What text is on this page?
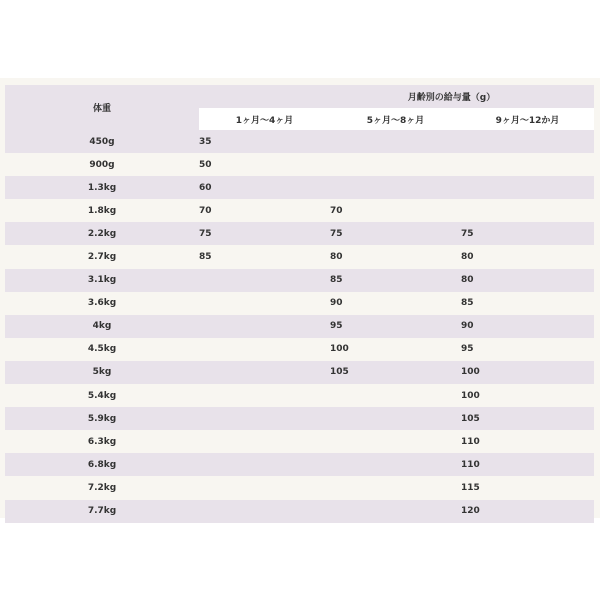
体重	月齢別の給与量（g）		
	1ヶ月〜4ヶ月	5ヶ月〜8ヶ月	9ヶ月〜12か月
450g	35		
900g	50		
1.3kg	60		
1.8kg	70	70	
2.2kg	75	75	75
2.7kg	85	80	80
3.1kg		85	80
3.6kg		90	85
4kg		95	90
4.5kg		100	95
5kg		105	100
5.4kg			100
5.9kg			105
6.3kg			110
6.8kg			110
7.2kg			115
7.7kg			120
